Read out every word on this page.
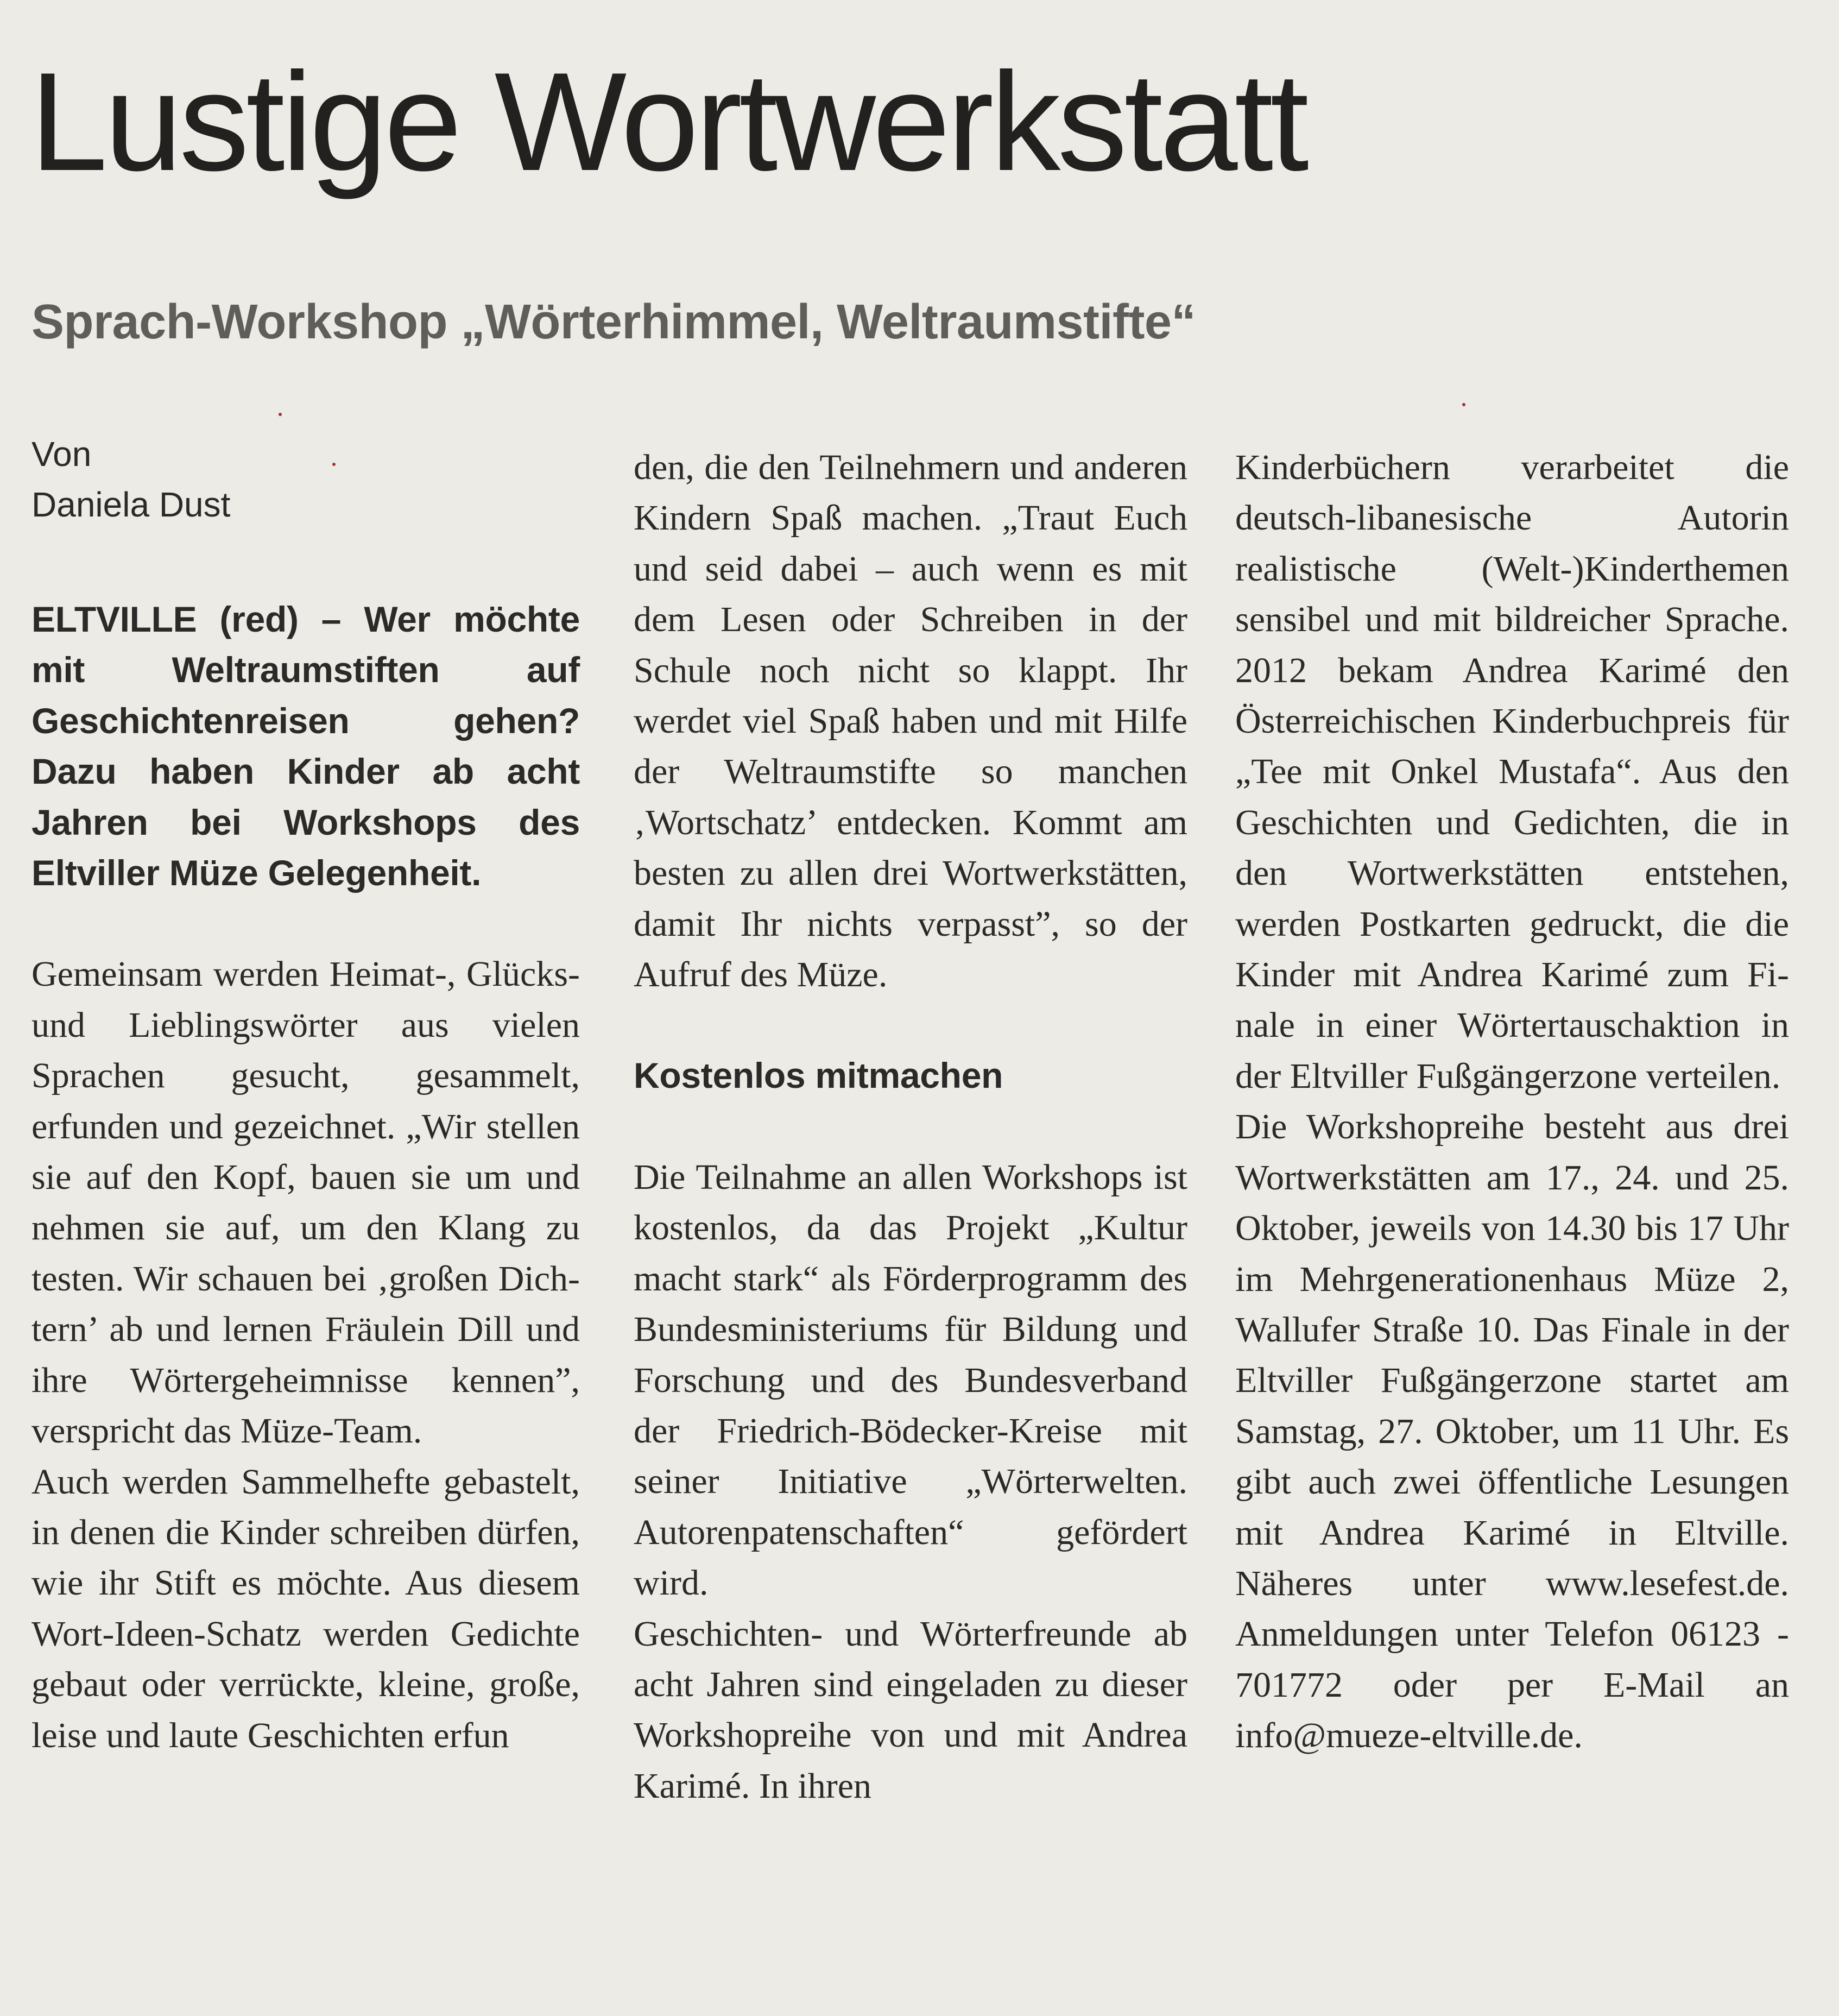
Lustige Wortwerkstatt
Sprach-Workshop „Wörterhimmel, Weltraumstifte“
Von
Daniela Dust

ELTVILLE (red) – Wer möchte mit Weltraumstiften auf Geschichtenreisen gehen? Dazu haben Kinder ab acht Jahren bei Workshops des Eltviller Müze Gelegenheit.

Gemeinsam werden Heimat-, Glücks- und Lieblingswörter aus vielen Sprachen gesucht, gesammelt, erfunden und gezeichnet. „Wir stellen sie auf den Kopf, bauen sie um und nehmen sie auf, um den Klang zu testen. Wir schauen bei ‚großen Dichtern’ ab und lernen Fräulein Dill und ihre Wörtergeheimnisse kennen”, verspricht das Müze-Team.

Auch werden Sammelhefte gebastelt, in denen die Kinder schreiben dürfen, wie ihr Stift es möchte. Aus diesem Wort-Ideen-Schatz werden Gedichte gebaut oder verrückte, kleine, große, leise und laute Geschichten erfun

den, die den Teilnehmern und anderen Kindern Spaß machen. „Traut Euch und seid dabei – auch wenn es mit dem Lesen oder Schreiben in der Schule noch nicht so klappt. Ihr werdet viel Spaß haben und mit Hilfe der Weltraumstifte so manchen ‚Wortschatz’ entdecken. Kommt am besten zu allen drei Wortwerkstätten, damit Ihr nichts verpasst”, so der Aufruf des Müze.

Kostenlos mitmachen

Die Teilnahme an allen Workshops ist kostenlos, da das Projekt „Kultur macht stark“ als Förderprogramm des Bundesministeriums für Bildung und Forschung und des Bundesverband der Friedrich-Bödecker-Kreise mit seiner Initiative „Wörterwelten. Autorenpatenschaften“ gefördert wird.

Geschichten- und Wörterfreunde ab acht Jahren sind eingeladen zu dieser Workshopreihe von und mit Andrea Karimé. In ihren

Kinderbüchern verarbeitet die deutsch-libanesische Autorin realistische (Welt-)Kinderthemen sensibel und mit bildreicher Sprache. 2012 bekam Andrea Karimé den Österreichischen Kinderbuchpreis für „Tee mit Onkel Mustafa“. Aus den Geschichten und Gedichten, die in den Wortwerkstätten entstehen, werden Postkarten gedruckt, die die Kinder mit Andrea Karimé zum Finale in einer Wörtertauschaktion in der Eltviller Fußgängerzone verteilen.

Die Workshopreihe besteht aus drei Wortwerkstätten am 17., 24. und 25. Oktober, jeweils von 14.30 bis 17 Uhr im Mehrgenerationenhaus Müze 2, Wallufer Straße 10. Das Finale in der Eltviller Fußgängerzone startet am Samstag, 27. Oktober, um 11 Uhr. Es gibt auch zwei öffentliche Lesungen mit Andrea Karimé in Eltville. Näheres unter www.lesefest.de. Anmeldungen unter Telefon 06123 - 701772 oder per E-Mail an info@mueze-eltville.de.
